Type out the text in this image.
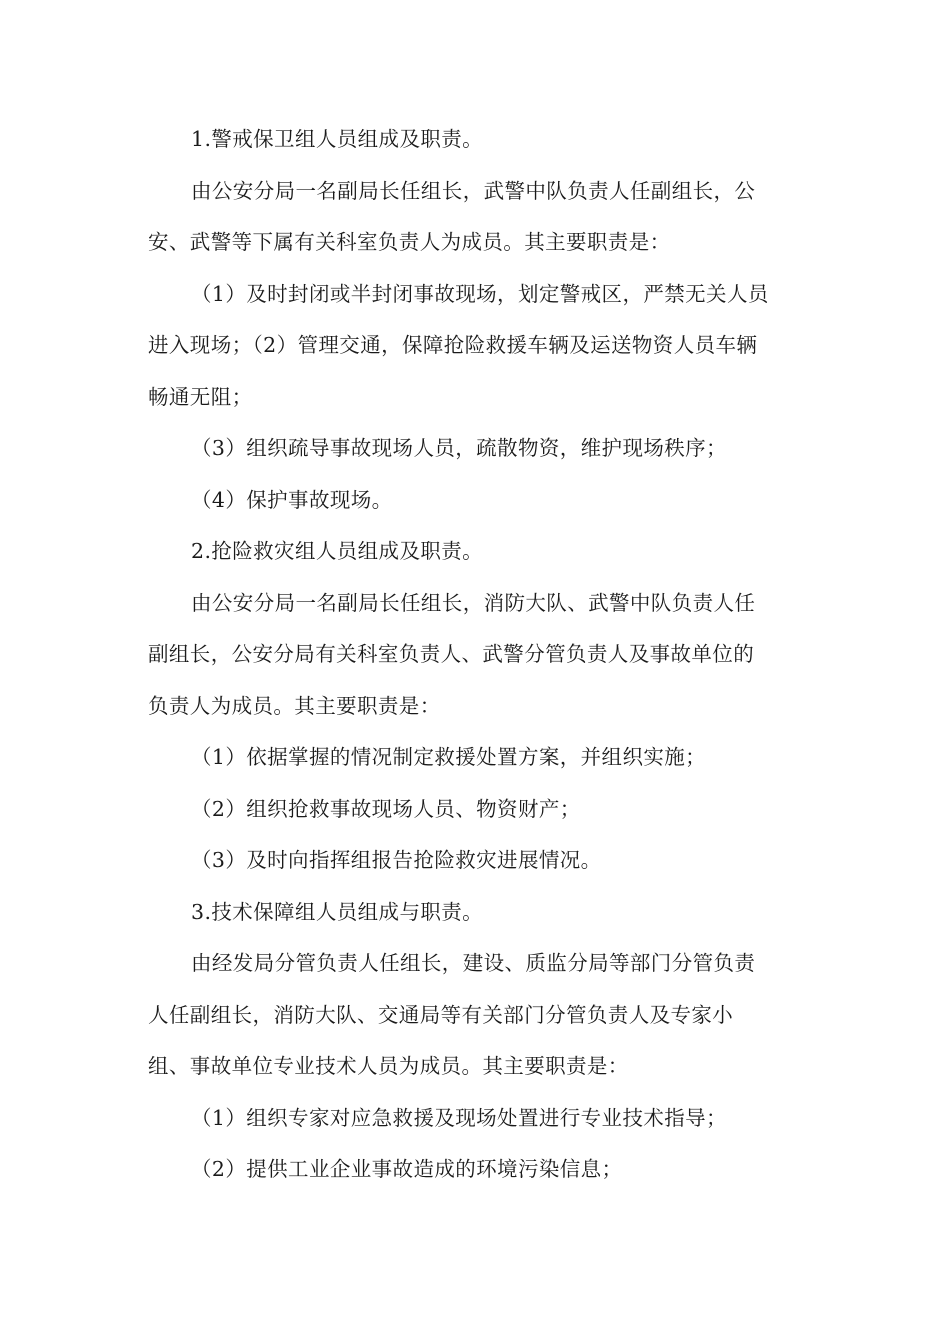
1.警戒保卫组人员组成及职责。
由公安分局一名副局长任组长，武警中队负责人任副组长，公
安、武警等下属有关科室负责人为成员。其主要职责是：
（1）及时封闭或半封闭事故现场，划定警戒区，严禁无关人员
进入现场；（2）管理交通，保障抢险救援车辆及运送物资人员车辆
畅通无阻；
（3）组织疏导事故现场人员，疏散物资，维护现场秩序；
（4）保护事故现场。
2.抢险救灾组人员组成及职责。
由公安分局一名副局长任组长，消防大队、武警中队负责人任
副组长，公安分局有关科室负责人、武警分管负责人及事故单位的
负责人为成员。其主要职责是：
（1）依据掌握的情况制定救援处置方案，并组织实施；
（2）组织抢救事故现场人员、物资财产；
（3）及时向指挥组报告抢险救灾进展情况。
3.技术保障组人员组成与职责。
由经发局分管负责人任组长，建设、质监分局等部门分管负责
人任副组长，消防大队、交通局等有关部门分管负责人及专家小
组、事故单位专业技术人员为成员。其主要职责是：
（1）组织专家对应急救援及现场处置进行专业技术指导；
（2）提供工业企业事故造成的环境污染信息；
